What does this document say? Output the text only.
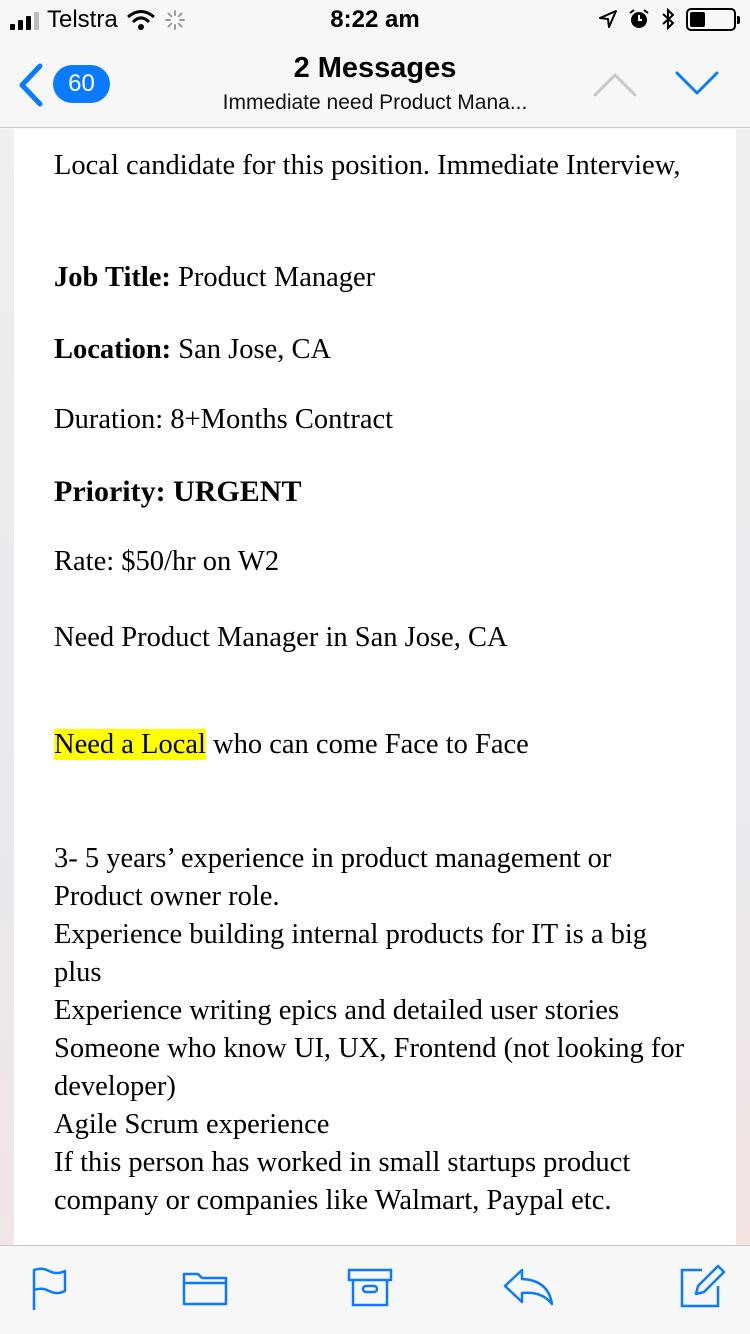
Telstra	8:22 am
60	2 Messages
Immediate need Product Mana...

Local candidate for this position. Immediate Interview,

Job Title: Product Manager

Location: San Jose, CA

Duration: 8+Months Contract

Priority: URGENT

Rate: $50/hr on W2

Need Product Manager in San Jose, CA

Need a Local who can come Face to Face

3- 5 years’ experience in product management or Product owner role.
Experience building internal products for IT is a big plus
Experience writing epics and detailed user stories
Someone who know UI, UX, Frontend (not looking for developer)
Agile Scrum experience
If this person has worked in small startups product company or companies like Walmart, Paypal etc.
